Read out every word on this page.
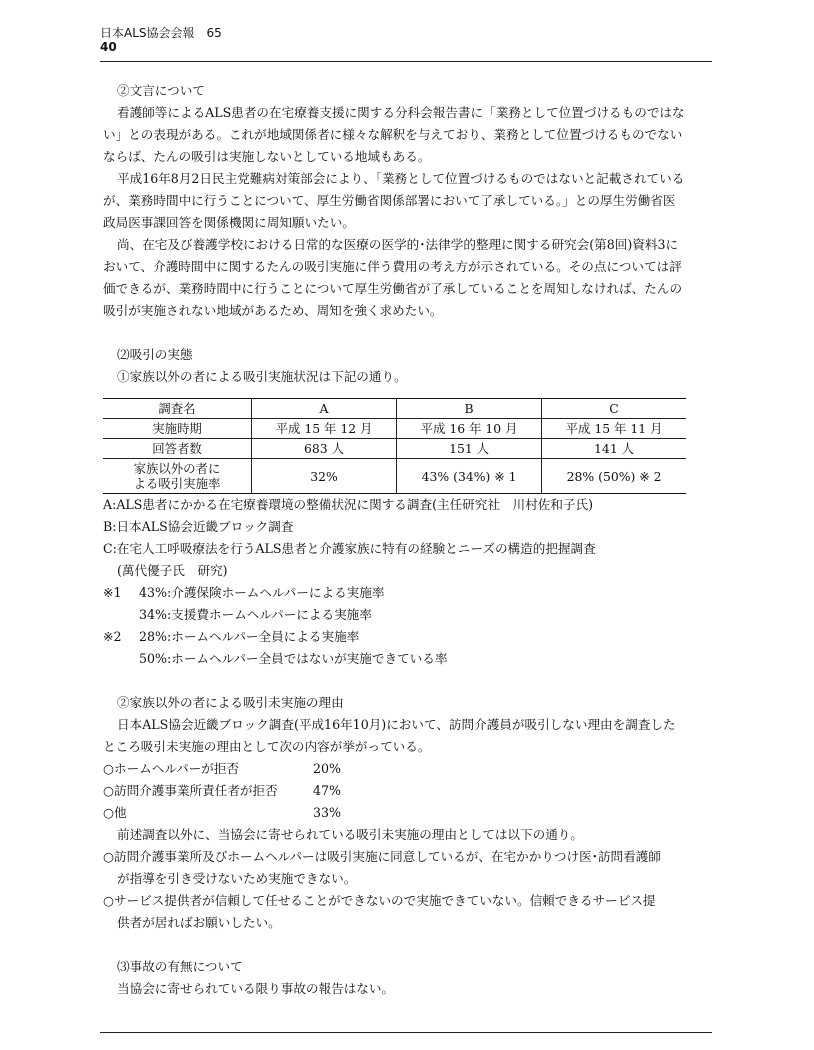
日本ALS協会会報　65
40

②文言について

看護師等によるALS患者の在宅療養支援に関する分科会報告書に「業務として位置づけるものではない」との表現がある。これが地域関係者に様々な解釈を与えており、業務として位置づけるものでないならば、たんの吸引は実施しないとしている地域もある。

平成16年8月2日民主党難病対策部会により、「業務として位置づけるものではないと記載されているが、業務時間中に行うことについて、厚生労働省関係部署において了承している。」との厚生労働省医政局医事課回答を関係機関に周知願いたい。

尚、在宅及び養護学校における日常的な医療の医学的･法律学的整理に関する研究会(第8回)資料3において、介護時間中に関するたんの吸引実施に伴う費用の考え方が示されている。その点については評価できるが、業務時間中に行うことについて厚生労働省が了承していることを周知しなければ、たんの吸引が実施されない地域があるため、周知を強く求めたい。

⑵吸引の実態

①家族以外の者による吸引実施状況は下記の通り。

調査名	A	B	C
実施時期	平成 15 年 12 月	平成 16 年 10 月	平成 15 年 11 月
回答者数	683 人	151 人	141 人
家族以外の者に
よる吸引実施率	32%	43% (34%) ※ 1	28% (50%) ※ 2

A:ALS患者にかかる在宅療養環境の整備状況に関する調査(主任研究社　川村佐和子氏)

B:日本ALS協会近畿ブロック調査

C:在宅人工呼吸療法を行うALS患者と介護家族に特有の経験とニーズの構造的把握調査

(萬代優子氏　研究)

※1	43%:介護保険ホームヘルパーによる実施率

34%:支援費ホームヘルパーによる実施率

※2	28%:ホームヘルパー全員による実施率

50%:ホームヘルパー全員ではないが実施できている率

②家族以外の者による吸引未実施の理由

日本ALS協会近畿ブロック調査(平成16年10月)において、訪問介護員が吸引しない理由を調査したところ吸引未実施の理由として次の内容が挙がっている。

○ホームヘルパーが拒否	20%
○訪問介護事業所責任者が拒否	47%
○他	33%

前述調査以外に、当協会に寄せられている吸引未実施の理由としては以下の通り。

○訪問介護事業所及びホームヘルパーは吸引実施に同意しているが、在宅かかりつけ医･訪問看護師

が指導を引き受けないため実施できない。

○サービス提供者が信頼して任せることができないので実施できていない。信頼できるサービス提

供者が居ればお願いしたい。

⑶事故の有無について

当協会に寄せられている限り事故の報告はない。
